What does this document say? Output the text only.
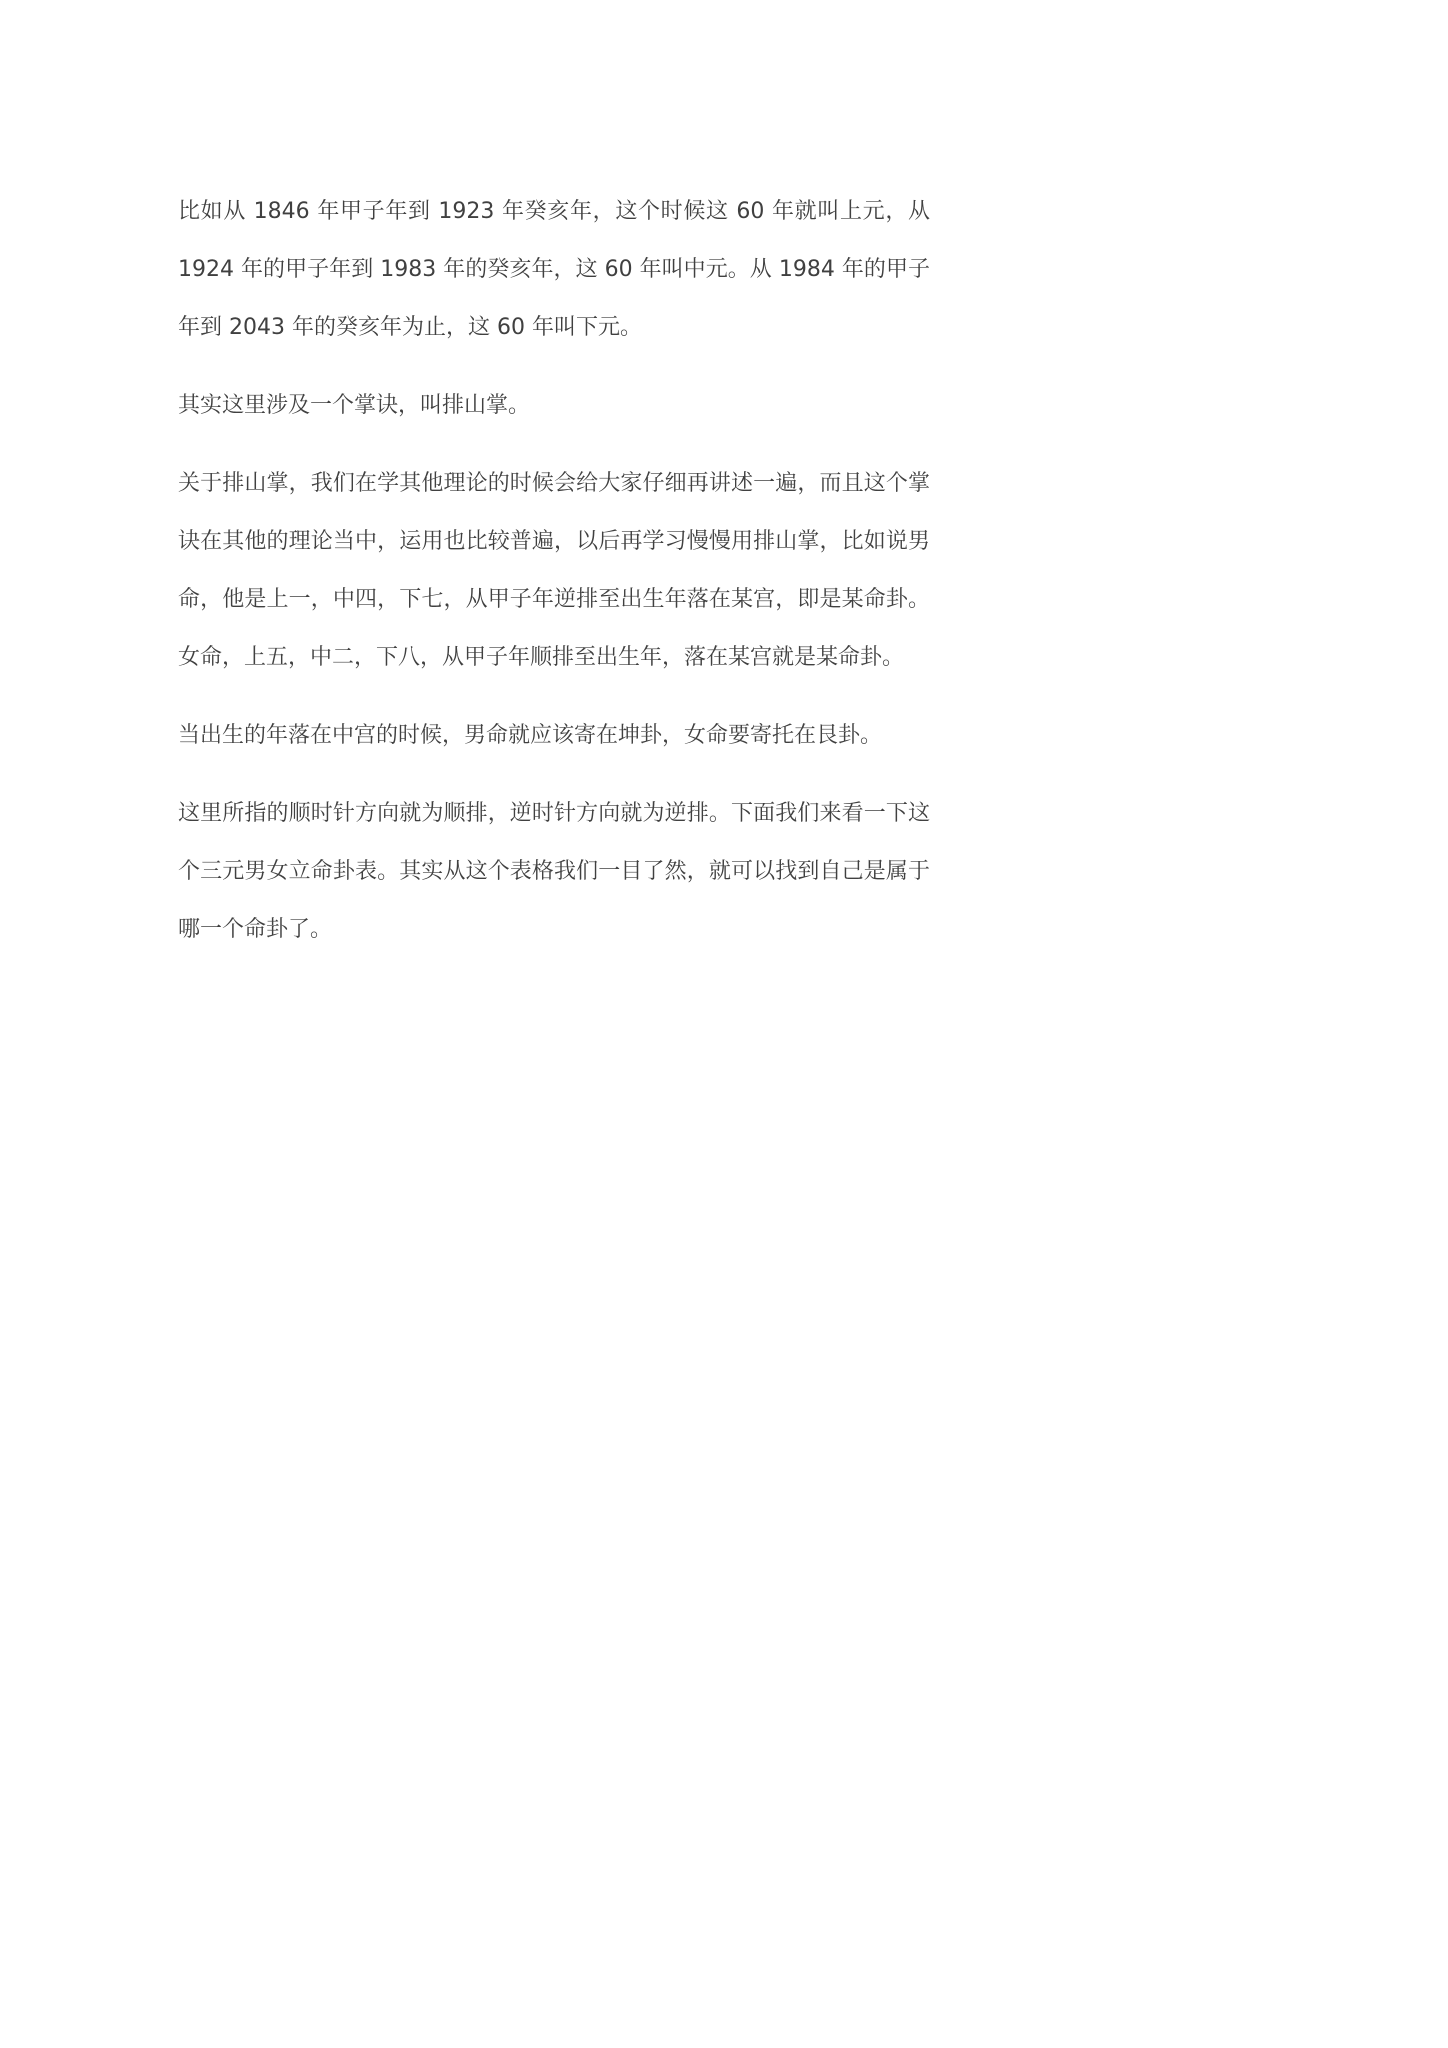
比如从 1846 年甲子年到 1923 年癸亥年，这个时候这 60 年就叫上元，从 1924 年的甲子年到 1983 年的癸亥年，这 60 年叫中元。从 1984 年的甲子年到 2043 年的癸亥年为止，这 60 年叫下元。

其实这里涉及一个掌诀，叫排山掌。

关于排山掌，我们在学其他理论的时候会给大家仔细再讲述一遍，而且这个掌诀在其他的理论当中，运用也比较普遍，以后再学习慢慢用排山掌，比如说男命，他是上一，中四，下七，从甲子年逆排至出生年落在某宫，即是某命卦。女命，上五，中二，下八，从甲子年顺排至出生年，落在某宫就是某命卦。

当出生的年落在中宫的时候，男命就应该寄在坤卦，女命要寄托在艮卦。

这里所指的顺时针方向就为顺排，逆时针方向就为逆排。下面我们来看一下这个三元男女立命卦表。其实从这个表格我们一目了然，就可以找到自己是属于哪一个命卦了。
